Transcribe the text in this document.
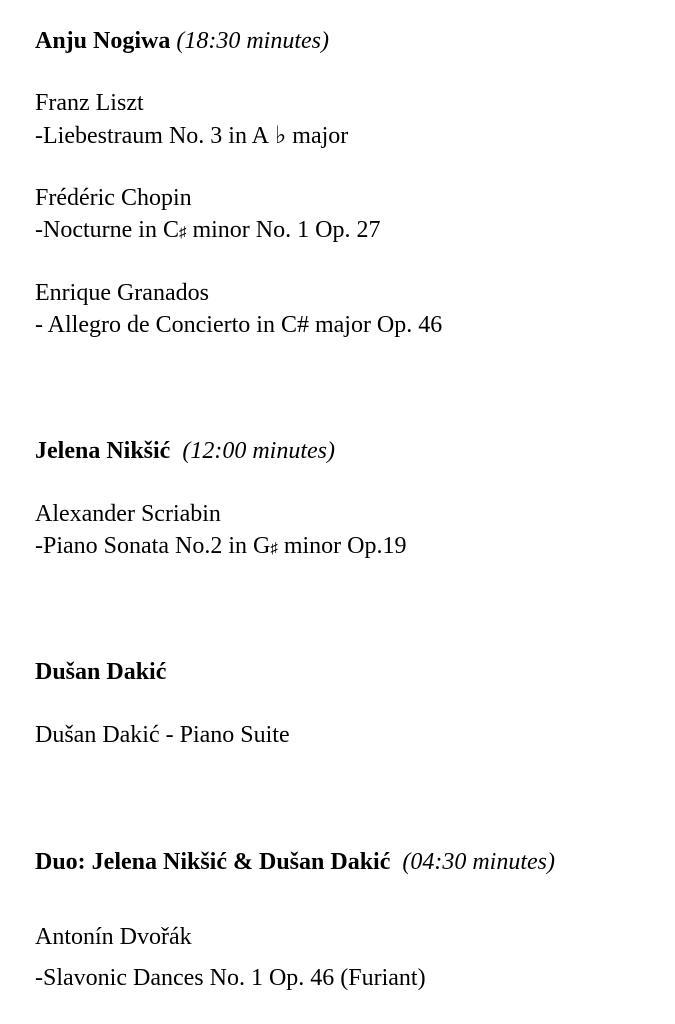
Anju Nogiwa (18:30 minutes)
Franz Liszt
-Liebestraum No. 3 in A ♭ major
Frédéric Chopin
-Nocturne in C♯ minor No. 1 Op. 27
Enrique Granados
- Allegro de Concierto in C# major Op. 46
Jelena Nikšić (12:00 minutes)
Alexander Scriabin
-Piano Sonata No.2 in G♯ minor Op.19
Dušan Dakić
Dušan Dakić - Piano Suite
Duo: Jelena Nikšić & Dušan Dakić (04:30 minutes)
Antonín Dvořák
-Slavonic Dances No. 1 Op. 46 (Furiant)
